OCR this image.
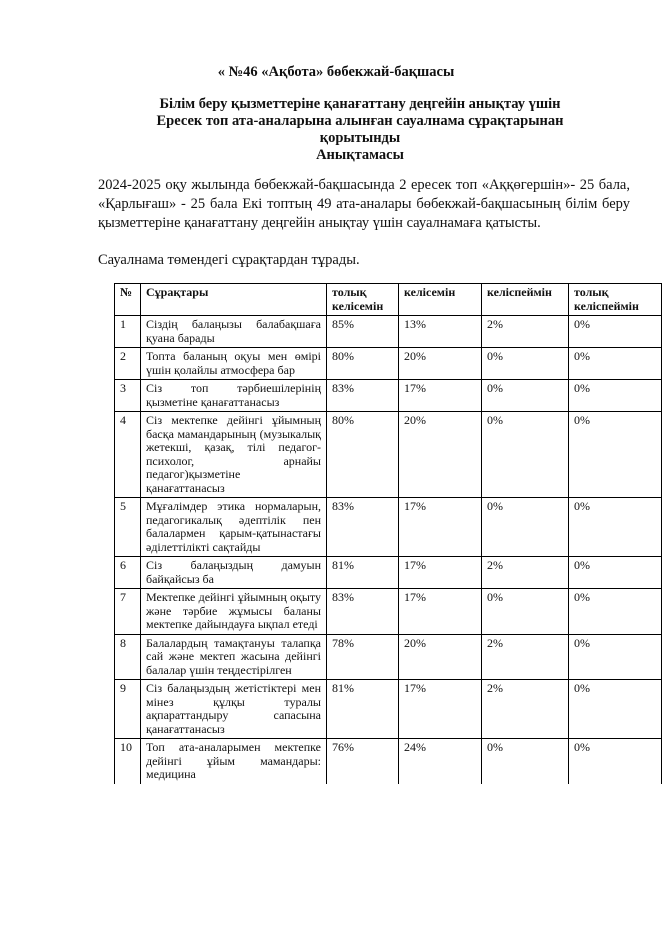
« №46 «Ақбота» бөбекжай-бақшасы
Білім беру қызметтеріне қанағаттану деңгейін анықтау үшін
Ересек топ ата-аналарына алынған сауалнама сұрақтарынан
қорытынды
Анықтамасы

2024-2025 оқу жылында бөбекжай-бақшасында 2 ересек топ «Аққөгершін»- 25 бала, «Қарлығаш» - 25 бала Екі топтың 49 ата-аналары бөбекжай-бақшасының білім беру қызметтеріне қанағаттану деңгейін анықтау үшін сауалнамаға қатысты.

Сауалнама төмендегі сұрақтардан тұрады.
№	Сұрақтары	толық келісемін	келісемін	келіспеймін	толық келіспеймін
1	Сіздің балаңызы балабақшаға қуана барады	85%	13%	2%	0%
2	Топта баланың оқуы мен өмірі үшін қолайлы атмосфера бар	80%	20%	0%	0%
3	Сіз топ тәрбиешілерінің қызметіне қанағаттанасыз	83%	17%	0%	0%
4	Сіз мектепке дейінгі ұйымның басқа мамандарының (музыкалық жетекші, қазақ, тілі педагог-психолог, арнайы педагог)қызметіне қанағаттанасыз	80%	20%	0%	0%
5	Мұғалімдер этика нормаларын, педагогикалық әдептілік пен балалармен қарым-қатынастағы әділеттілікті сақтайды	83%	17%	0%	0%
6	Сіз балаңыздың дамуын байқайсыз ба	81%	17%	2%	0%
7	Мектепке дейінгі ұйымның оқыту және тәрбие жұмысы баланы мектепке дайындауға ықпал етеді	83%	17%	0%	0%
8	Балалардың тамақтануы талапқа сай және мектеп жасына дейінгі балалар үшін теңдестірілген	78%	20%	2%	0%
9	Сіз балаңыздың жетістіктері мен мінез құлқы туралы ақпараттандыру сапасына қанағаттанасыз	81%	17%	2%	0%
10	Топ ата-аналарымен мектепке дейінгі ұйым мамандары: медицина	76%	24%	0%	0%
